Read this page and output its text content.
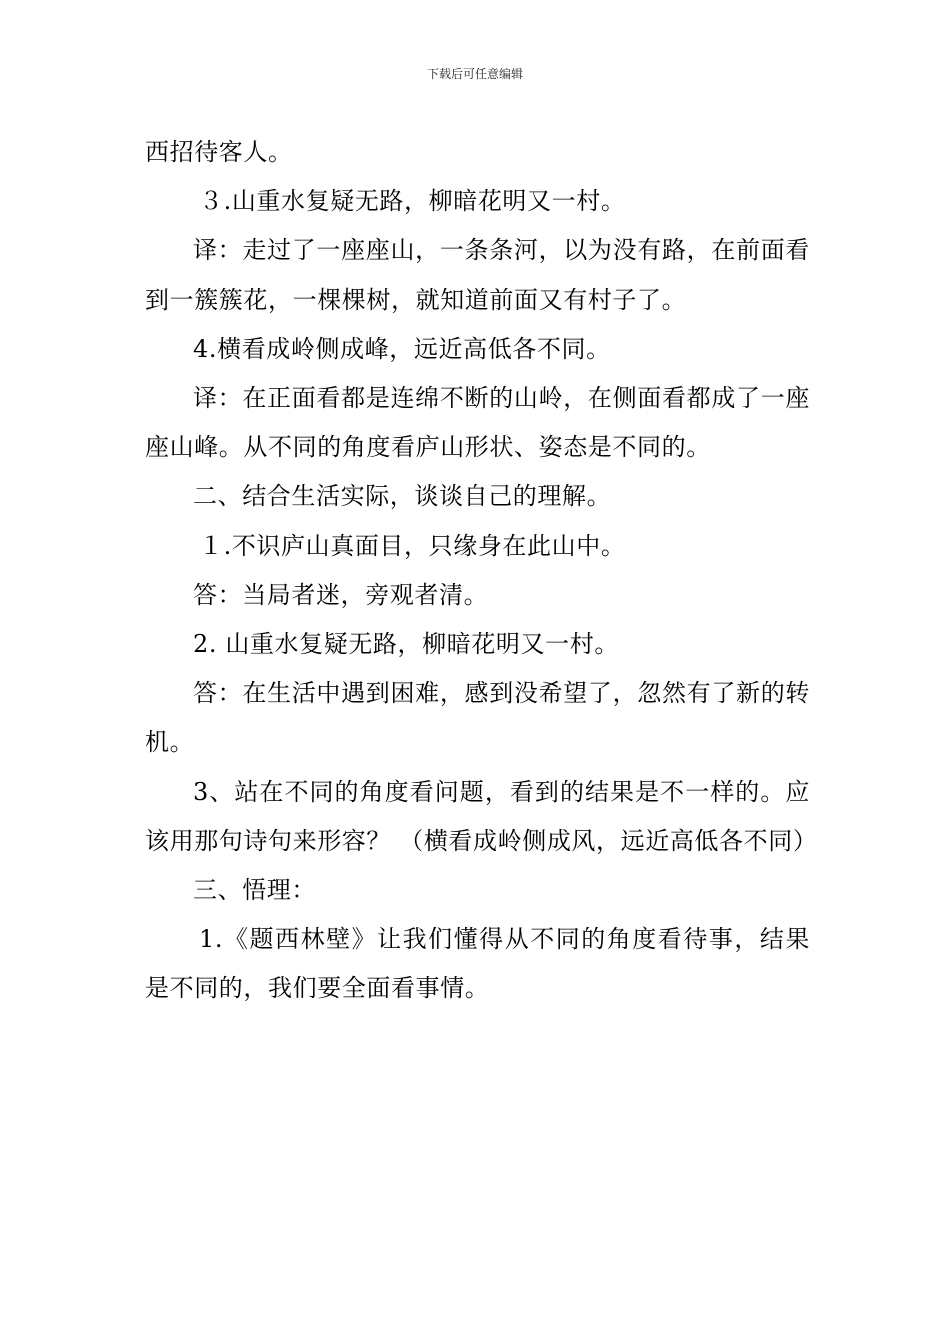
下载后可任意编辑

西招待客人。

３.山重水复疑无路，柳暗花明又一村。

译：走过了一座座山，一条条河，以为没有路，在前面看到一簇簇花，一棵棵树，就知道前面又有村子了。

4.横看成岭侧成峰，远近高低各不同。

译：在正面看都是连绵不断的山岭，在侧面看都成了一座座山峰。从不同的角度看庐山形状、姿态是不同的。

二、结合生活实际，谈谈自己的理解。

１.不识庐山真面目，只缘身在此山中。

答：当局者迷，旁观者清。

2. 山重水复疑无路，柳暗花明又一村。

答：在生活中遇到困难，感到没希望了，忽然有了新的转机。

3、站在不同的角度看问题，看到的结果是不一样的。应该用那句诗句来形容？ （横看成岭侧成风，远近高低各不同）

三、悟理：

1.《题西林壁》让我们懂得从不同的角度看待事，结果是不同的，我们要全面看事情。
